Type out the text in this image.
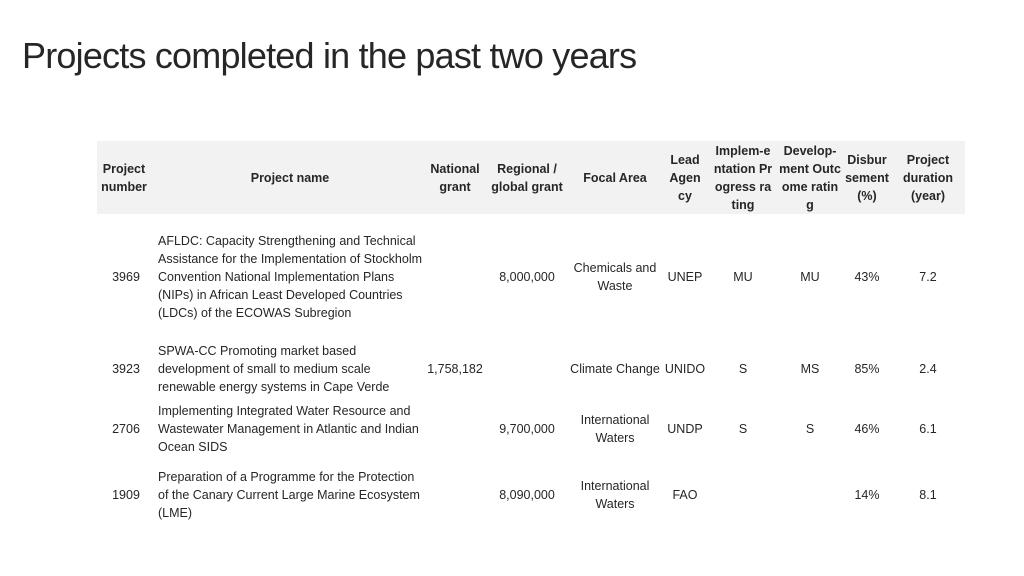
Projects completed in the past two years
Project number	Project name	National grant	Regional / global grant	Focal Area	Lead Agency	Implem-entation Progress rating	Develop-ment Outcome rating	Disbursement (%)	Project duration (year)
3969	AFLDC: Capacity Strengthening and Technical Assistance for the Implementation of Stockholm Convention National Implementation Plans (NIPs) in African Least Developed Countries (LDCs) of the ECOWAS Subregion		8,000,000	Chemicals and Waste	UNEP	MU	MU	43%	7.2
3923	SPWA-CC Promoting market based development of small to medium scale renewable energy systems in Cape Verde	1,758,182		Climate Change	UNIDO	S	MS	85%	2.4
2706	Implementing Integrated Water Resource and Wastewater Management in Atlantic and Indian Ocean SIDS		9,700,000	International Waters	UNDP	S	S	46%	6.1
1909	Preparation of a Programme for the Protection of the Canary Current Large Marine Ecosystem (LME)		8,090,000	International Waters	FAO			14%	8.1
